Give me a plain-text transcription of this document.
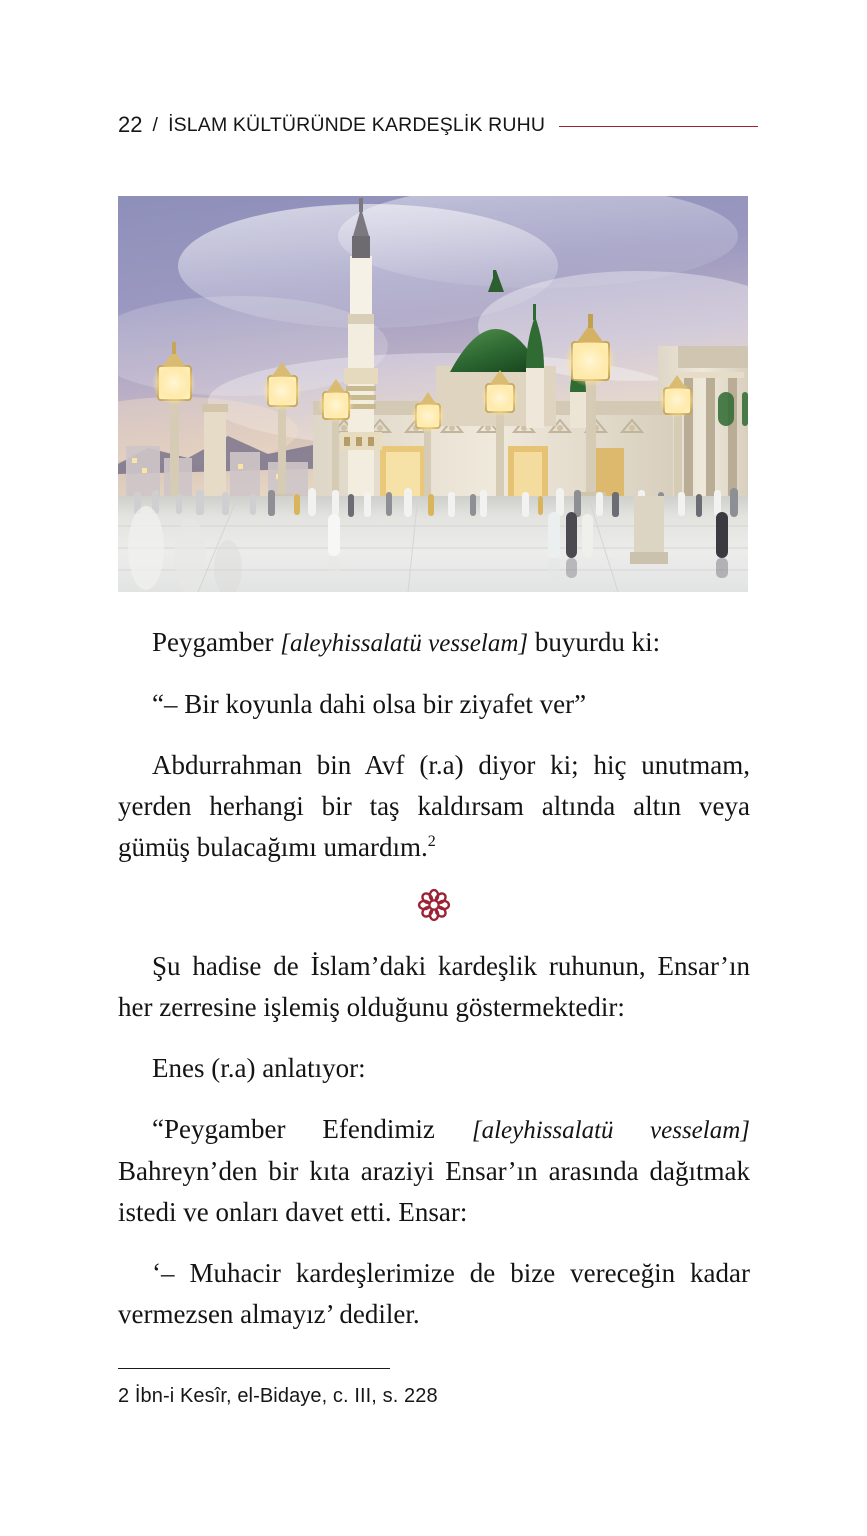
22 / İSLAM KÜLTÜRÜNDE KARDEŞLİK RUHU

Peygamber [aleyhissalatü vesselam] buyurdu ki:

“– Bir koyunla dahi olsa bir ziyafet ver”

Abdurrahman bin Avf (r.a) diyor ki; hiç unutmam, yerden herhangi bir taş kaldırsam altında altın veya gümüş bulacağımı umardım.$^2$

Şu hadise de İslam’daki kardeşlik ruhunun, Ensar’ın her zerresine işlemiş olduğunu göstermektedir:

Enes (r.a) anlatıyor:

“Peygamber Efendimiz [aleyhissalatü vesselam] Bahreyn’den bir kıta araziyi Ensar’ın arasında dağıtmak istedi ve onları davet etti. Ensar:

‘– Muhacir kardeşlerimize de bize vereceğin kadar vermezsen almayız’ dediler.

2 İbn-i Kesîr, el-Bidaye, c. III, s. 228
